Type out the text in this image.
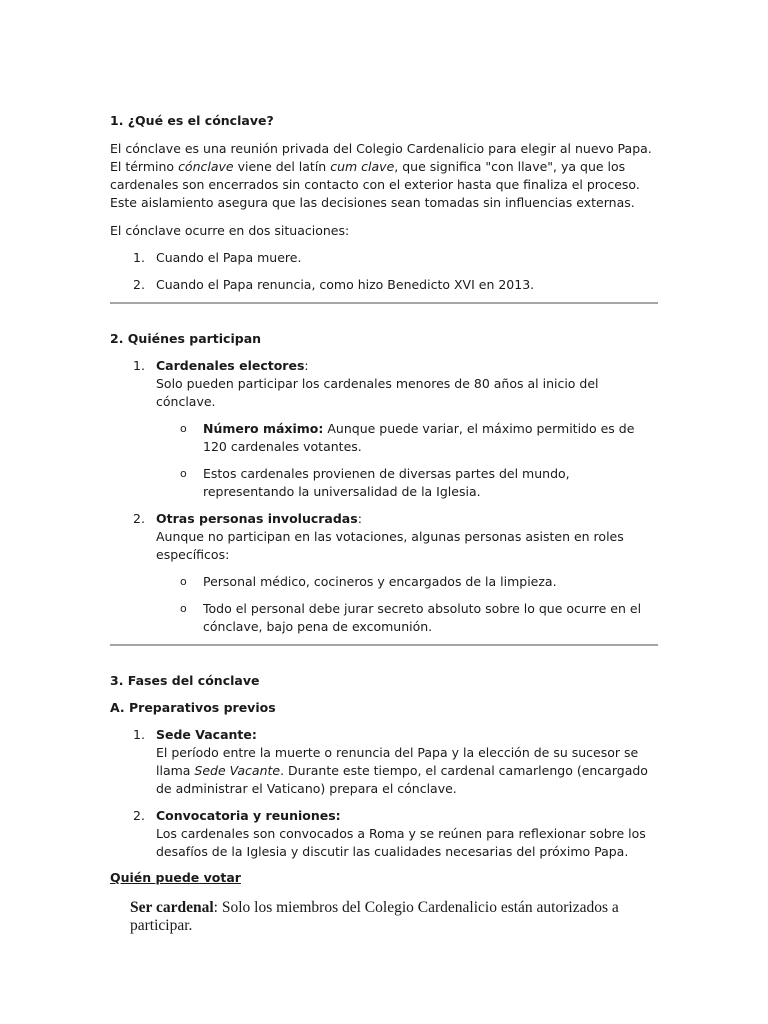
1. ¿Qué es el cónclave?

El cónclave es una reunión privada del Colegio Cardenalicio para elegir al nuevo Papa.

El término cónclave viene del latín cum clave, que significa "con llave", ya que los cardenales son encerrados sin contacto con el exterior hasta que finaliza el proceso. Este aislamiento asegura que las decisiones sean tomadas sin influencias externas.

El cónclave ocurre en dos situaciones:

1. Cuando el Papa muere.
2. Cuando el Papa renuncia, como hizo Benedicto XVI en 2013.

2. Quiénes participan

1. Cardenales electores:
Solo pueden participar los cardenales menores de 80 años al inicio del cónclave.
o Número máximo: Aunque puede variar, el máximo permitido es de 120 cardenales votantes.
o Estos cardenales provienen de diversas partes del mundo, representando la universalidad de la Iglesia.
2. Otras personas involucradas:
Aunque no participan en las votaciones, algunas personas asisten en roles específicos:
o Personal médico, cocineros y encargados de la limpieza.
o Todo el personal debe jurar secreto absoluto sobre lo que ocurre en el cónclave, bajo pena de excomunión.

3. Fases del cónclave

A. Preparativos previos

1. Sede Vacante:
El período entre la muerte o renuncia del Papa y la elección de su sucesor se llama Sede Vacante. Durante este tiempo, el cardenal camarlengo (encargado de administrar el Vaticano) prepara el cónclave.
2. Convocatoria y reuniones:
Los cardenales son convocados a Roma y se reúnen para reflexionar sobre los desafíos de la Iglesia y discutir las cualidades necesarias del próximo Papa.

Quién puede votar

Ser cardenal: Solo los miembros del Colegio Cardenalicio están autorizados a participar.
